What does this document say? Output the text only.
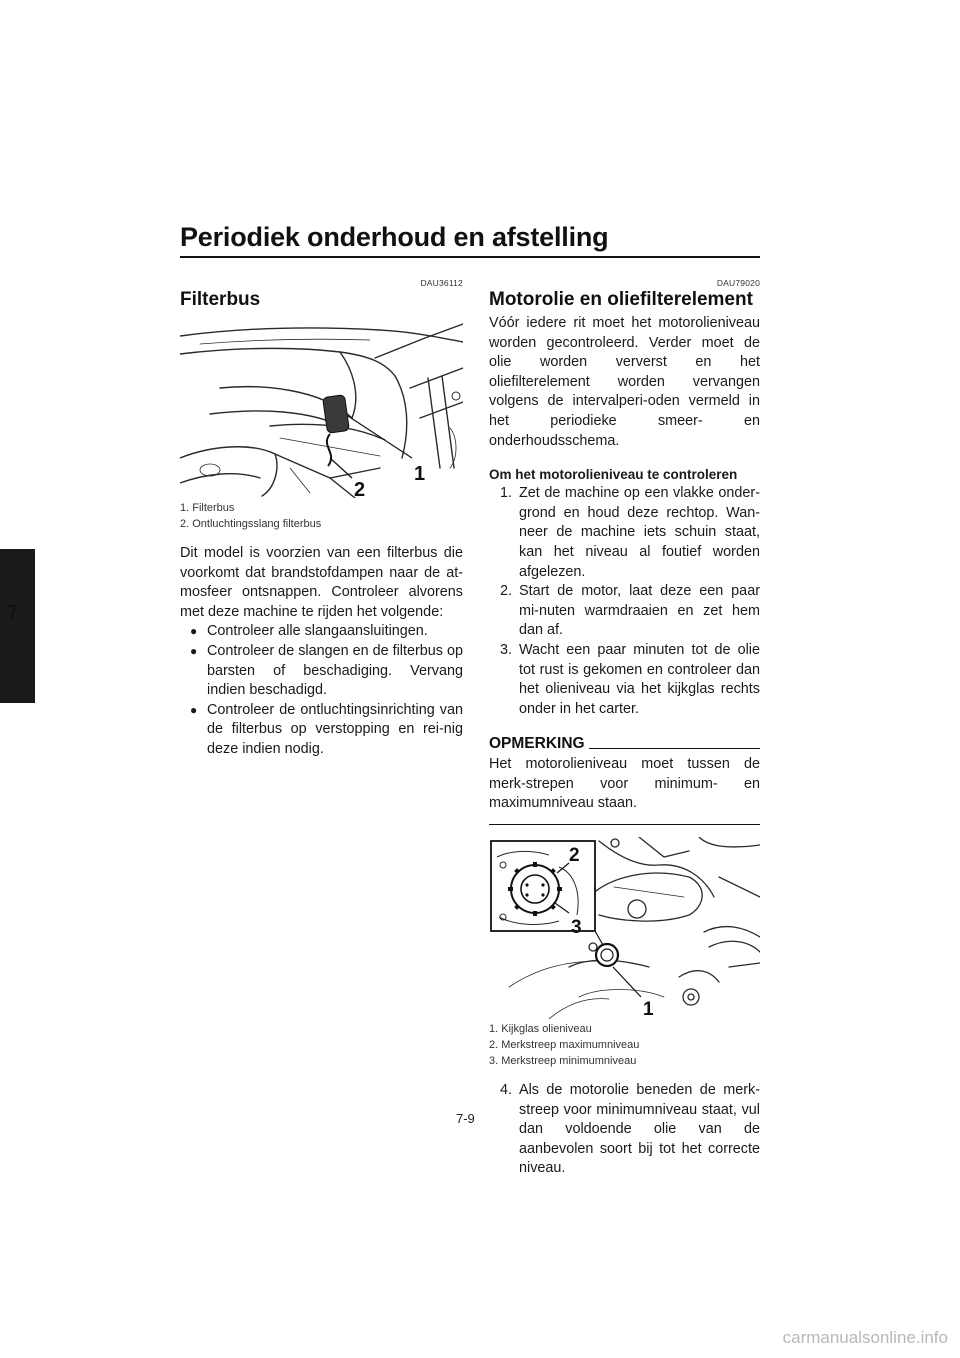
Periodiek onderhoud en afstelling
7
DAU36112
Filterbus
1
2

1. Filterbus

2. Ontluchtingsslang filterbus

Dit model is voorzien van een filterbus die voorkomt dat brandstofdampen naar de at-mosfeer ontsnappen. Controleer alvorens met deze machine te rijden het volgende:

● Controleer alle slangaansluitingen.
● Controleer de slangen en de filterbus op barsten of beschadiging. Vervang indien beschadigd.
● Controleer de ontluchtingsinrichting van de filterbus op verstopping en rei-nig deze indien nodig.
DAU79020
Motorolie en oliefilterelement

Vóór iedere rit moet het motorolieniveau worden gecontroleerd. Verder moet de olie worden ververst en het oliefilterelement worden vervangen volgens de intervalperi-oden vermeld in het periodieke smeer- en onderhoudsschema.

Om het motorolieniveau te controleren

1. Zet de machine op een vlakke onder-grond en houd deze rechtop. Wan-neer de machine iets schuin staat, kan het niveau al foutief worden afgelezen.
2. Start de motor, laat deze een paar mi-nuten warmdraaien en zet hem dan af.
3. Wacht een paar minuten tot de olie tot rust is gekomen en controleer dan het olieniveau via het kijkglas rechts onder in het carter.
OPMERKING

Het motorolieniveau moet tussen de merk-strepen voor minimum- en maximumniveau staan.

2
3
1

1. Kijkglas olieniveau

2. Merkstreep maximumniveau

3. Merkstreep minimumniveau

4. Als de motorolie beneden de merk-streep voor minimumniveau staat, vul dan voldoende olie van de aanbevolen soort bij tot het correcte niveau.
7-9
carmanualsonline.info
